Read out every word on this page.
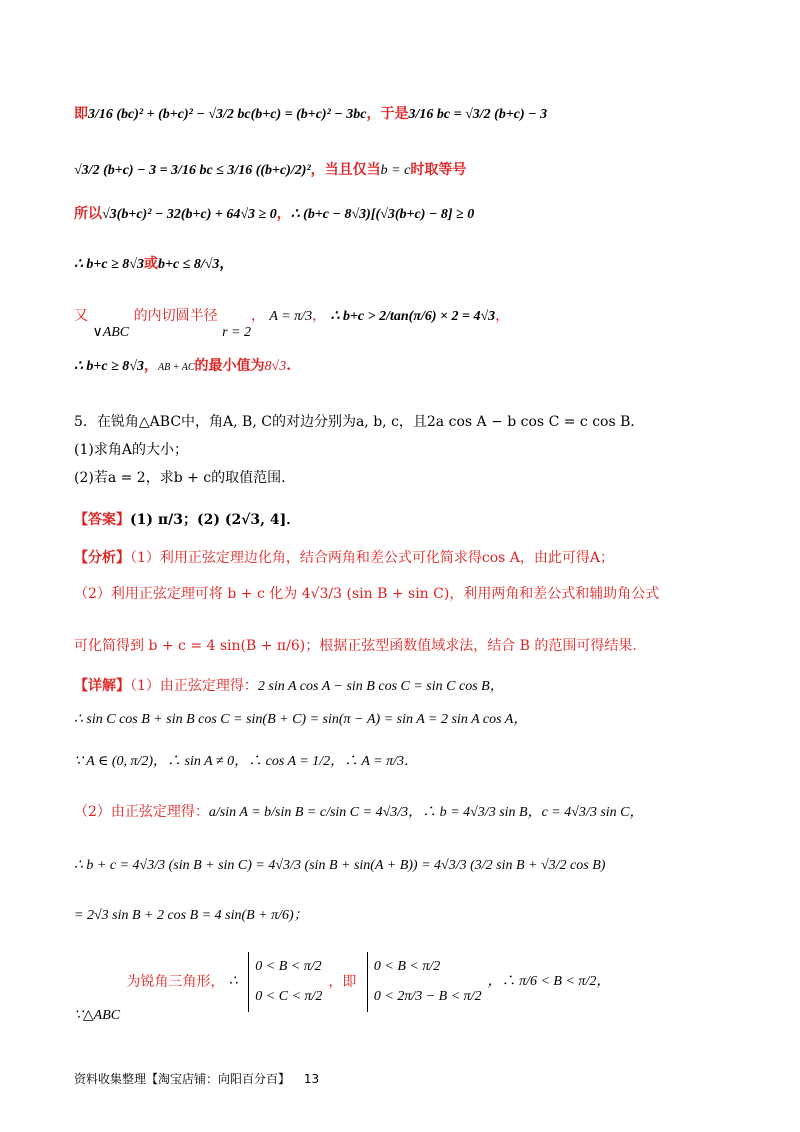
即3/16 (bc)² + (b+c)² − √3/2 bc(b+c) = (b+c)² − 3bc，于是3/16 bc = √3/2 (b+c) − 3
√3/2 (b+c) − 3 = 3/16 bc ≤ 3/16 ((b+c)/2)²，当且仅当b = c时取等号
所以√3(b+c)² − 32(b+c) + 64√3 ≥ 0，∴ (b+c − 8√3)[(√3(b+c) − 8] ≥ 0
∴ b+c ≥ 8√3或b+c ≤ 8/√3，
又 ∨ABC 的内切圆半径 r = 2， A = π/3， ∴ b+c > 2/tan(π/6) × 2 = 4√3，
∴ b+c ≥ 8√3，AB + AC的最小值为8√3.
5．在锐角△ABC中，角A, B, C的对边分别为a, b, c，且2a cos A − b cos C = c cos B．
(1)求角A的大小；
(2)若a = 2，求b + c的取值范围．
【答案】(1) π/3；(2) (2√3, 4]．
【分析】（1）利用正弦定理边化角，结合两角和差公式可化简求得cos A，由此可得A；
（2）利用正弦定理可将 b + c 化为 4√3/3 (sin B + sin C)，利用两角和差公式和辅助角公式
可化简得到 b + c = 4 sin(B + π/6)；根据正弦型函数值域求法，结合 B 的范围可得结果.
【详解】（1）由正弦定理得：2 sin A cos A − sin B cos C = sin C cos B，
∴ sin C cos B + sin B cos C = sin(B + C) = sin(π − A) = sin A = 2 sin A cos A，
∵ A ∈ (0, π/2)，∴ sin A ≠ 0，∴ cos A = 1/2，∴ A = π/3．
（2）由正弦定理得：a/sin A = b/sin B = c/sin C = 4√3/3，∴ b = 4√3/3 sin B，c = 4√3/3 sin C，
∴ b + c = 4√3/3 (sin B + sin C) = 4√3/3 (sin B + sin(A + B)) = 4√3/3 (3/2 sin B + √3/2 cos B)
= 2√3 sin B + 2 cos B = 4 sin(B + π/6)；
为锐角三角形， ∴
0 < B < π/2
0 < C < π/2
，即
0 < B < π/2
0 < 2π/3 − B < π/2
，∴ π/6 < B < π/2，
∵△ABC
资料收集整理【淘宝店铺：向阳百分百】 13
